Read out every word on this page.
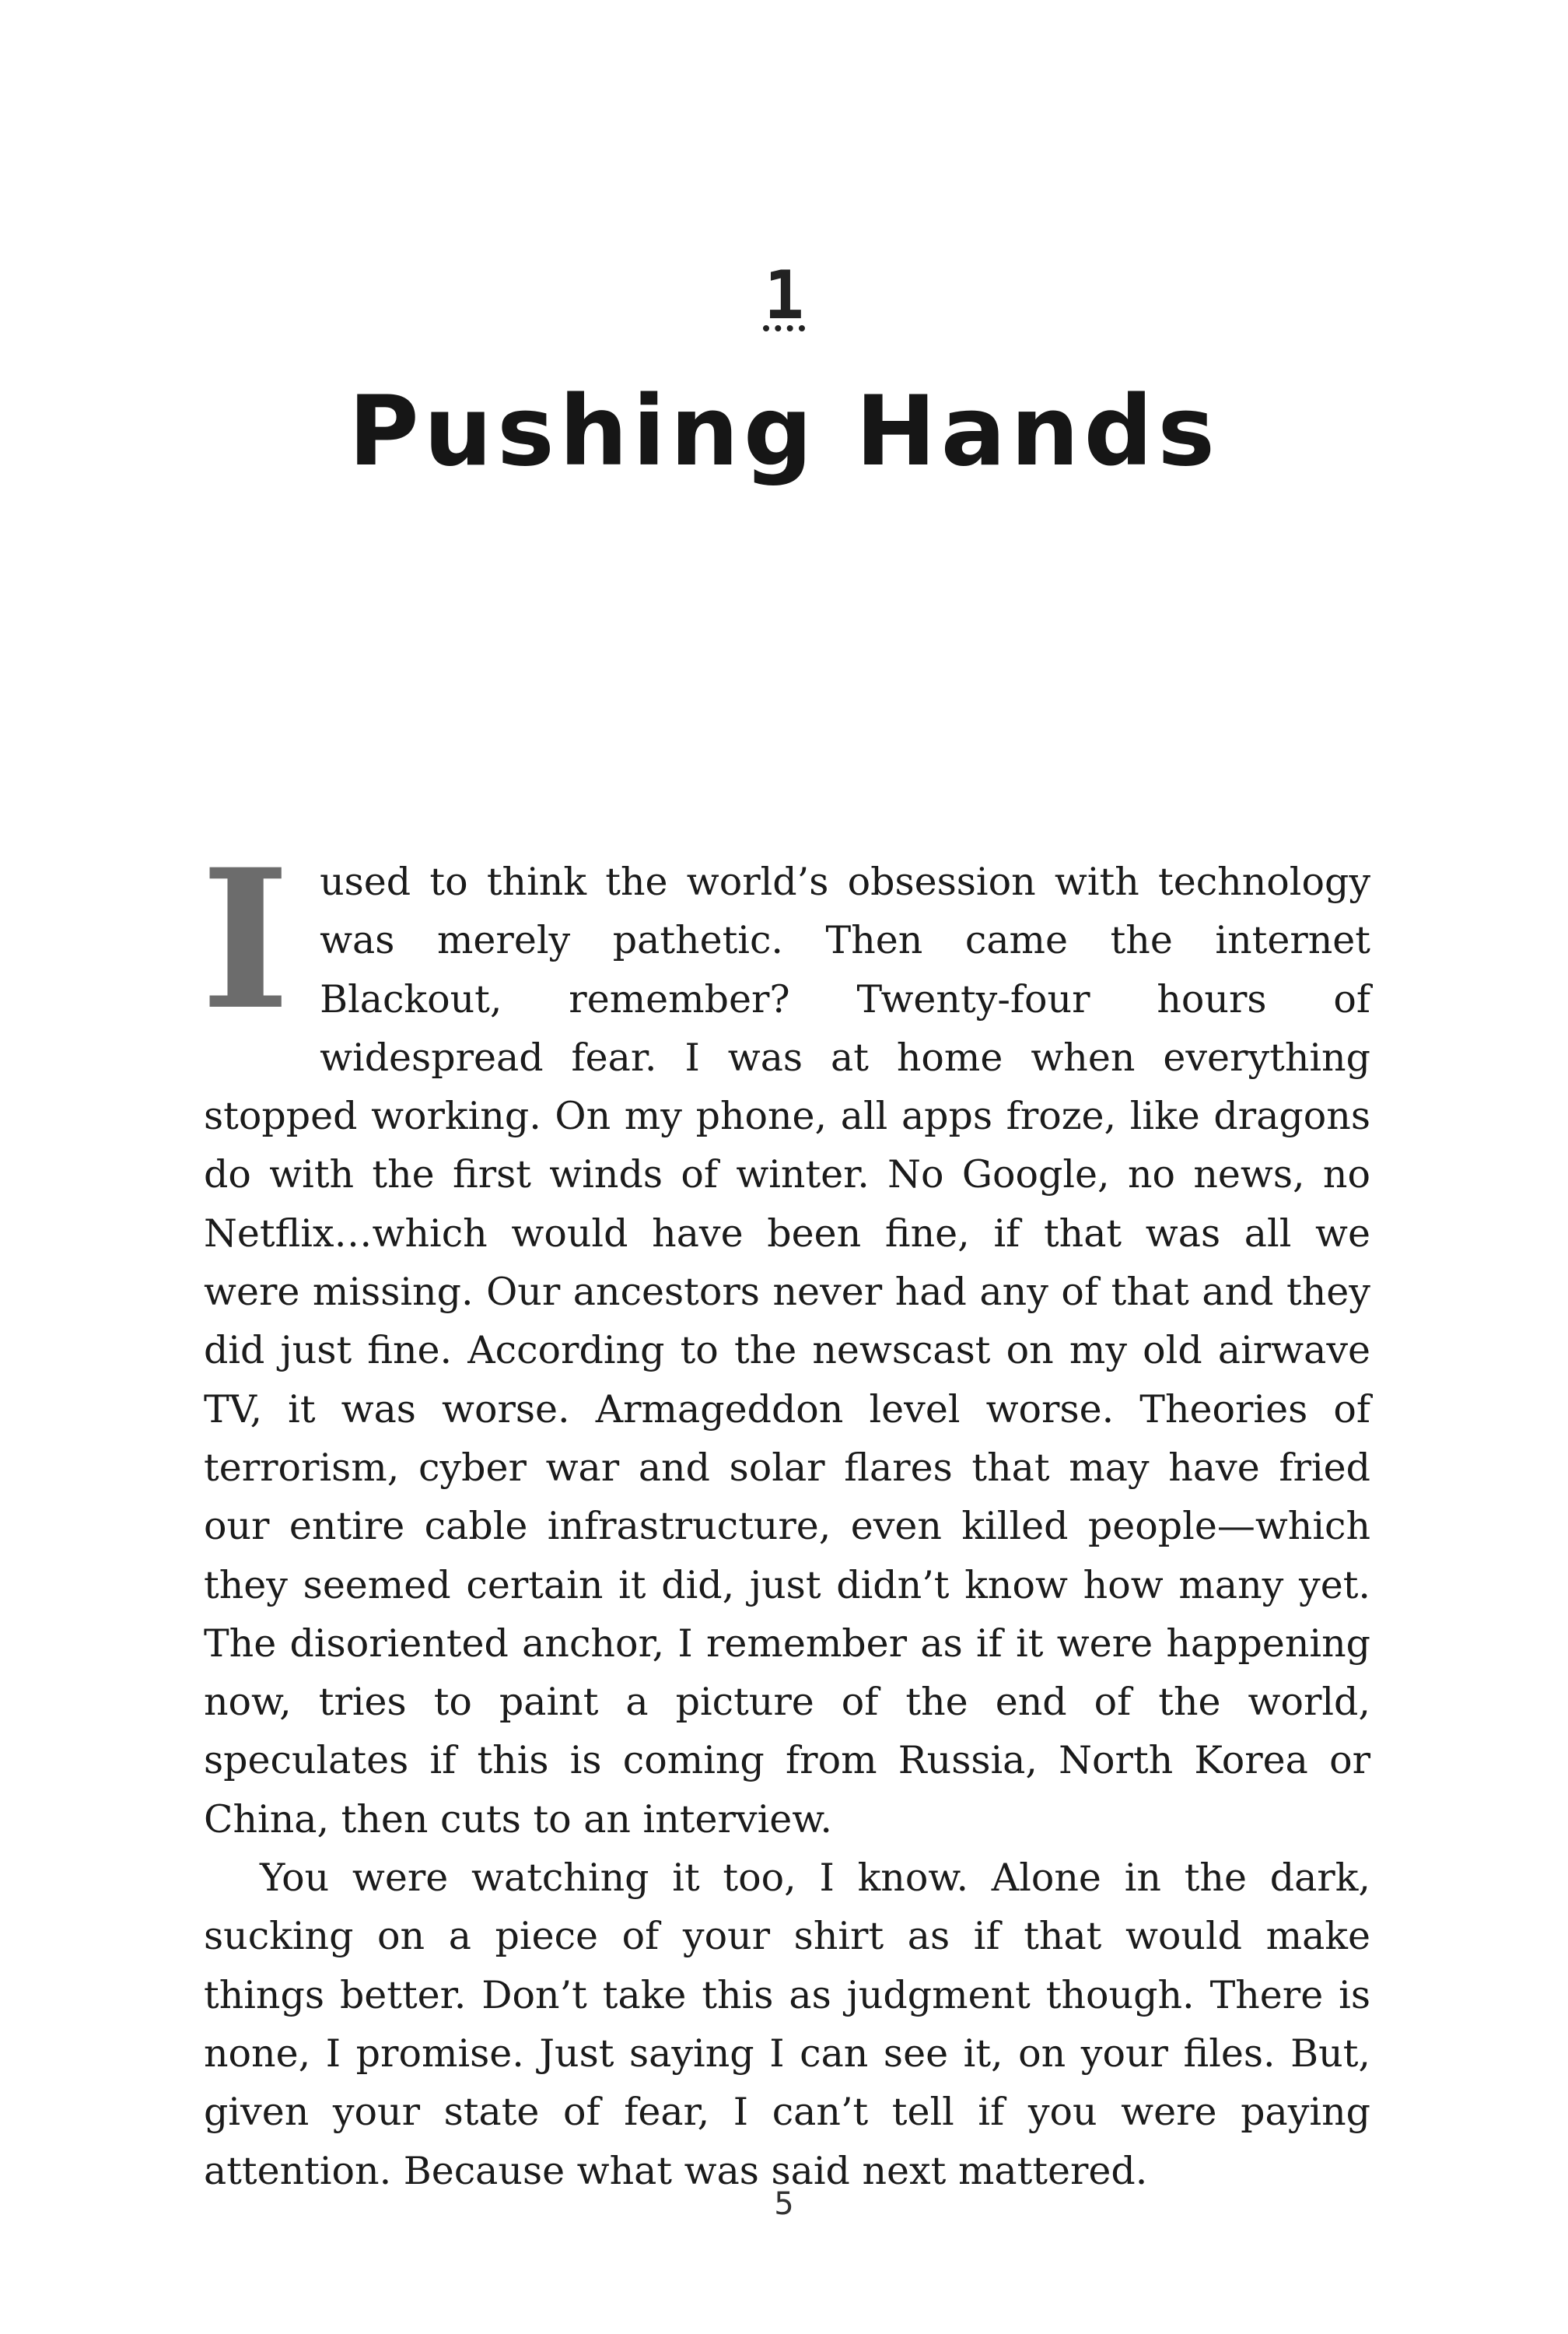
1
Pushing Hands

I used to think the world’s obsession with technology was merely pathetic. Then came the internet Blackout, remember? Twenty-four hours of widespread fear. I was at home when everything stopped working. On my phone, all apps froze, like dragons do with the first winds of winter. No Google, no news, no Netflix…which would have been fine, if that was all we were missing. Our ancestors never had any of that and they did just fine. According to the newscast on my old airwave TV, it was worse. Armageddon level worse. Theories of terrorism, cyber war and solar flares that may have fried our entire cable infrastructure, even killed people—which they seemed certain it did, just didn’t know how many yet. The disoriented anchor, I remember as if it were happening now, tries to paint a picture of the end of the world, speculates if this is coming from Russia, North Korea or China, then cuts to an interview.

You were watching it too, I know. Alone in the dark, sucking on a piece of your shirt as if that would make things better. Don’t take this as judgment though. There is none, I promise. Just saying I can see it, on your files. But, given your state of fear, I can’t tell if you were paying attention. Because what was said next mattered.

5
